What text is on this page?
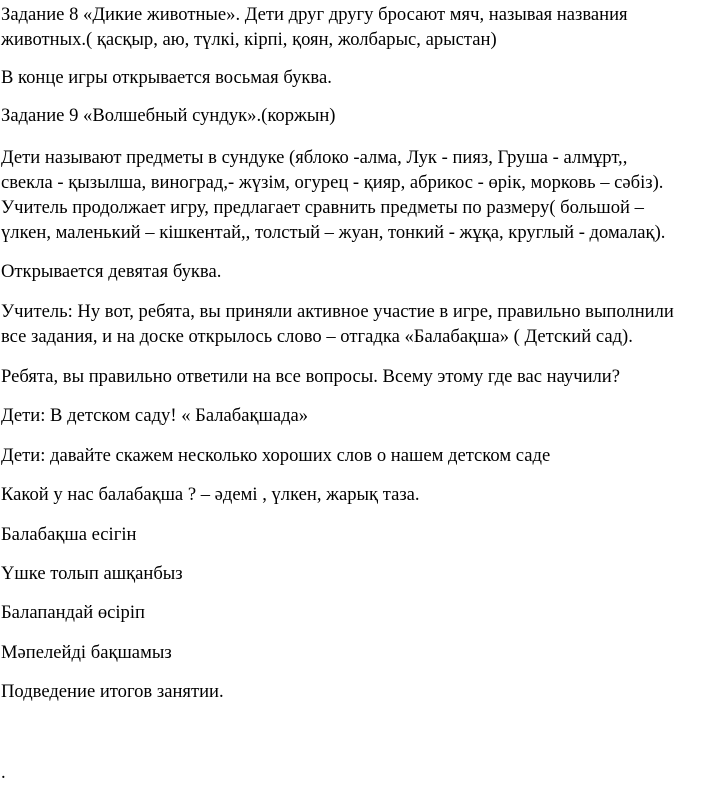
Задание 8 «Дикие животные». Дети друг другу бросают мяч, называя названия
животных.( қасқыр, аю, түлкі, кірпі, қоян, жолбарыс, арыстан)

В конце игры открывается восьмая буква.

Задание 9 «Волшебный сундук».(коржын)

Дети называют предметы в сундуке (яблоко -алма, Лук - пияз, Груша - алмұрт,,
свекла - қызылша, виноград,- жүзім, огурец - қияр, абрикос - өрік, морковь – сәбіз).
Учитель продолжает игру, предлагает сравнить предметы по размеру( большой –
үлкен, маленький – кішкентай,, толстый – жуан, тонкий - жұқа, круглый - домалақ).

Открывается девятая буква.

Учитель: Ну вот, ребята, вы приняли активное участие в игре, правильно выполнили
все задания, и на доске открылось слово – отгадка «Балабақша» ( Детский сад).

Ребята, вы правильно ответили на все вопросы. Всему этому где вас научили?

Дети: В детском саду! « Балабақшада»

Дети: давайте скажем несколько хороших слов о нашем детском саде

Какой у нас балабақша ? – әдемі , үлкен, жарық таза.

Балабақша есігін

Үшке толып ашқанбыз

Балапандай өсіріп

Мәпелейді бақшамыз

Подведение итогов занятии.

.
